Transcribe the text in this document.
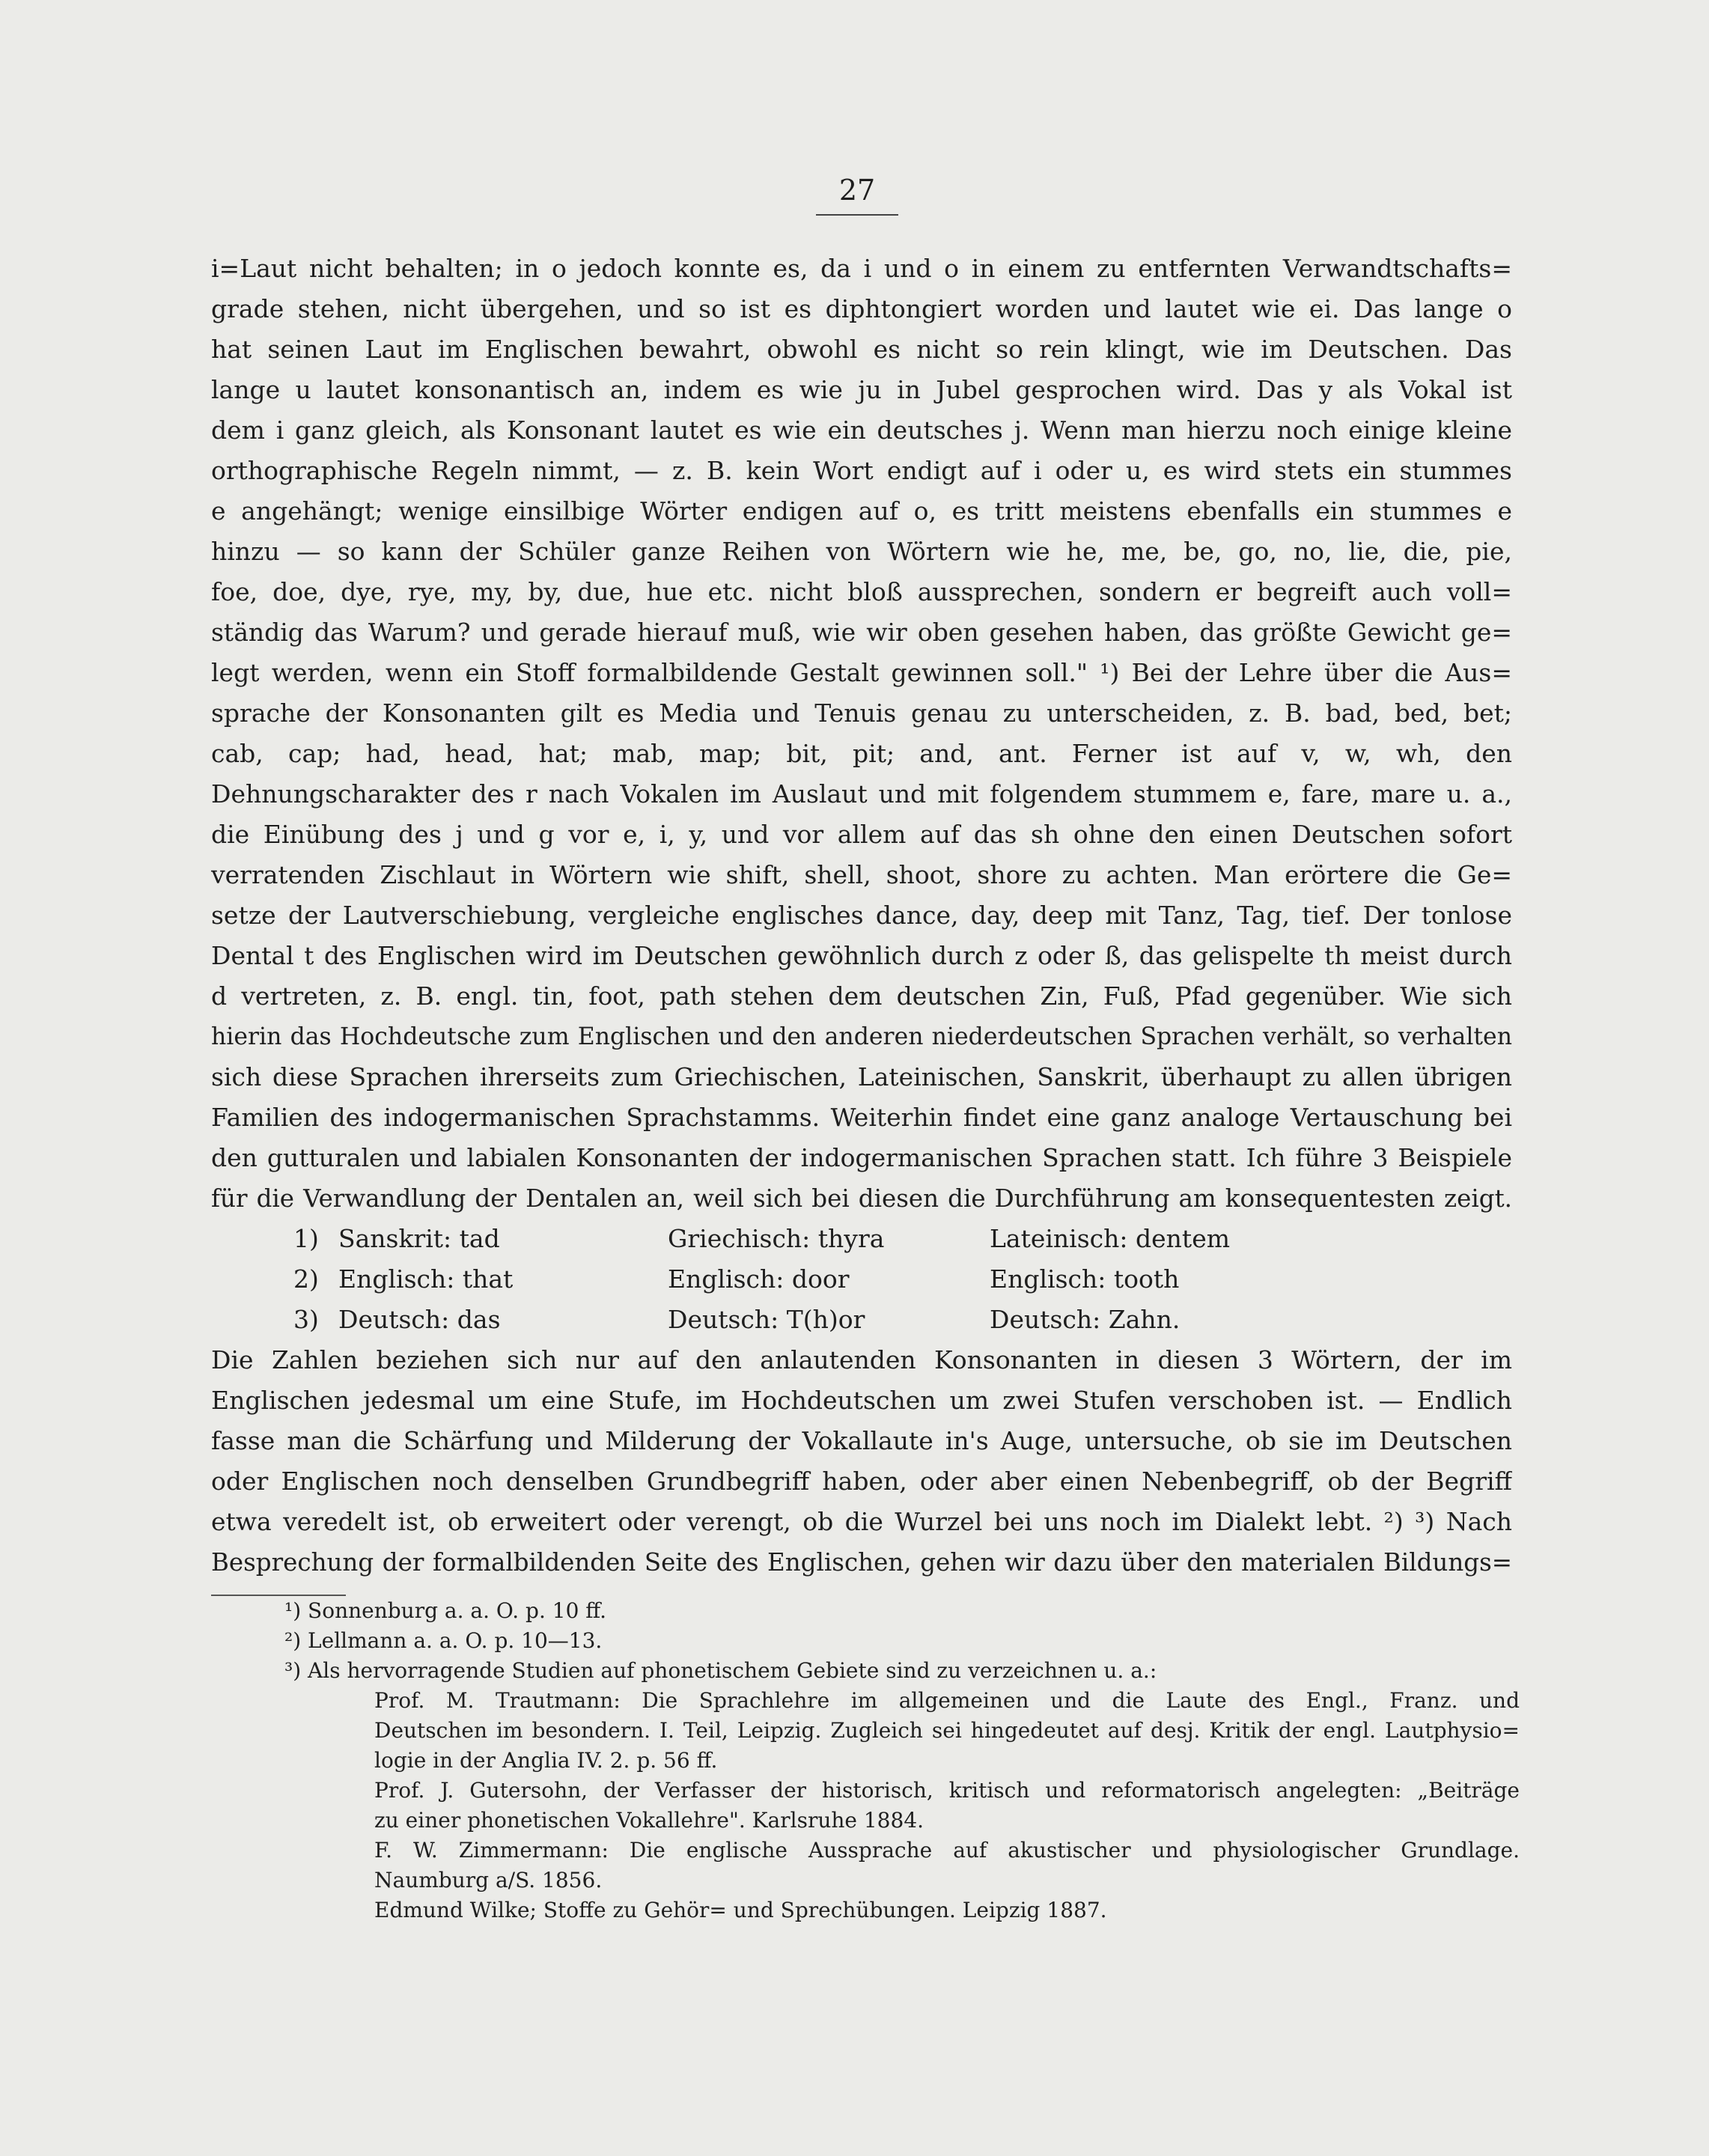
27
i=Laut nicht behalten; in o jedoch konnte es, da i und o in einem zu entfernten Verwandtschafts=
grade stehen, nicht übergehen, und so ist es diphtongiert worden und lautet wie ei. Das lange o
hat seinen Laut im Englischen bewahrt, obwohl es nicht so rein klingt, wie im Deutschen. Das
lange u lautet konsonantisch an, indem es wie ju in Jubel gesprochen wird. Das y als Vokal ist
dem i ganz gleich, als Konsonant lautet es wie ein deutsches j. Wenn man hierzu noch einige kleine
orthographische Regeln nimmt, — z. B. kein Wort endigt auf i oder u, es wird stets ein stummes
e angehängt; wenige einsilbige Wörter endigen auf o, es tritt meistens ebenfalls ein stummes e
hinzu — so kann der Schüler ganze Reihen von Wörtern wie he, me, be, go, no, lie, die, pie,
foe, doe, dye, rye, my, by, due, hue etc. nicht bloß aussprechen, sondern er begreift auch voll=
ständig das Warum? und gerade hierauf muß, wie wir oben gesehen haben, das größte Gewicht ge=
legt werden, wenn ein Stoff formalbildende Gestalt gewinnen soll." ¹) Bei der Lehre über die Aus=
sprache der Konsonanten gilt es Media und Tenuis genau zu unterscheiden, z. B. bad, bed, bet;
cab, cap; had, head, hat; mab, map; bit, pit; and, ant. Ferner ist auf v, w, wh, den
Dehnungscharakter des r nach Vokalen im Auslaut und mit folgendem stummem e, fare, mare u. a.,
die Einübung des j und g vor e, i, y, und vor allem auf das sh ohne den einen Deutschen sofort
verratenden Zischlaut in Wörtern wie shift, shell, shoot, shore zu achten. Man erörtere die Ge=
setze der Lautverschiebung, vergleiche englisches dance, day, deep mit Tanz, Tag, tief. Der tonlose
Dental t des Englischen wird im Deutschen gewöhnlich durch z oder ß, das gelispelte th meist durch
d vertreten, z. B. engl. tin, foot, path stehen dem deutschen Zin, Fuß, Pfad gegenüber. Wie sich
hierin das Hochdeutsche zum Englischen und den anderen niederdeutschen Sprachen verhält, so verhalten
sich diese Sprachen ihrerseits zum Griechischen, Lateinischen, Sanskrit, überhaupt zu allen übrigen
Familien des indogermanischen Sprachstamms. Weiterhin findet eine ganz analoge Vertauschung bei
den gutturalen und labialen Konsonanten der indogermanischen Sprachen statt. Ich führe 3 Beispiele
für die Verwandlung der Dentalen an, weil sich bei diesen die Durchführung am konsequentesten zeigt.
1) Sanskrit: tad	Griechisch: thyra	Lateinisch: dentem
2) Englisch: that	Englisch: door	Englisch: tooth
3) Deutsch: das	Deutsch: T(h)or	Deutsch: Zahn.
Die Zahlen beziehen sich nur auf den anlautenden Konsonanten in diesen 3 Wörtern, der im
Englischen jedesmal um eine Stufe, im Hochdeutschen um zwei Stufen verschoben ist. — Endlich
fasse man die Schärfung und Milderung der Vokallaute in's Auge, untersuche, ob sie im Deutschen
oder Englischen noch denselben Grundbegriff haben, oder aber einen Nebenbegriff, ob der Begriff
etwa veredelt ist, ob erweitert oder verengt, ob die Wurzel bei uns noch im Dialekt lebt. ²) ³) Nach
Besprechung der formalbildenden Seite des Englischen, gehen wir dazu über den materialen Bildungs=
¹) Sonnenburg a. a. O. p. 10 ff.
²) Lellmann a. a. O. p. 10—13.
³) Als hervorragende Studien auf phonetischem Gebiete sind zu verzeichnen u. a.:
Prof. M. Trautmann: Die Sprachlehre im allgemeinen und die Laute des Engl., Franz. und
Deutschen im besondern. I. Teil, Leipzig. Zugleich sei hingedeutet auf desj. Kritik der engl. Lautphysio=
logie in der Anglia IV. 2. p. 56 ff.
Prof. J. Gutersohn, der Verfasser der historisch, kritisch und reformatorisch angelegten: „Beiträge
zu einer phonetischen Vokallehre". Karlsruhe 1884.
F. W. Zimmermann: Die englische Aussprache auf akustischer und physiologischer Grundlage.
Naumburg a/S. 1856.
Edmund Wilke; Stoffe zu Gehör= und Sprechübungen. Leipzig 1887.
